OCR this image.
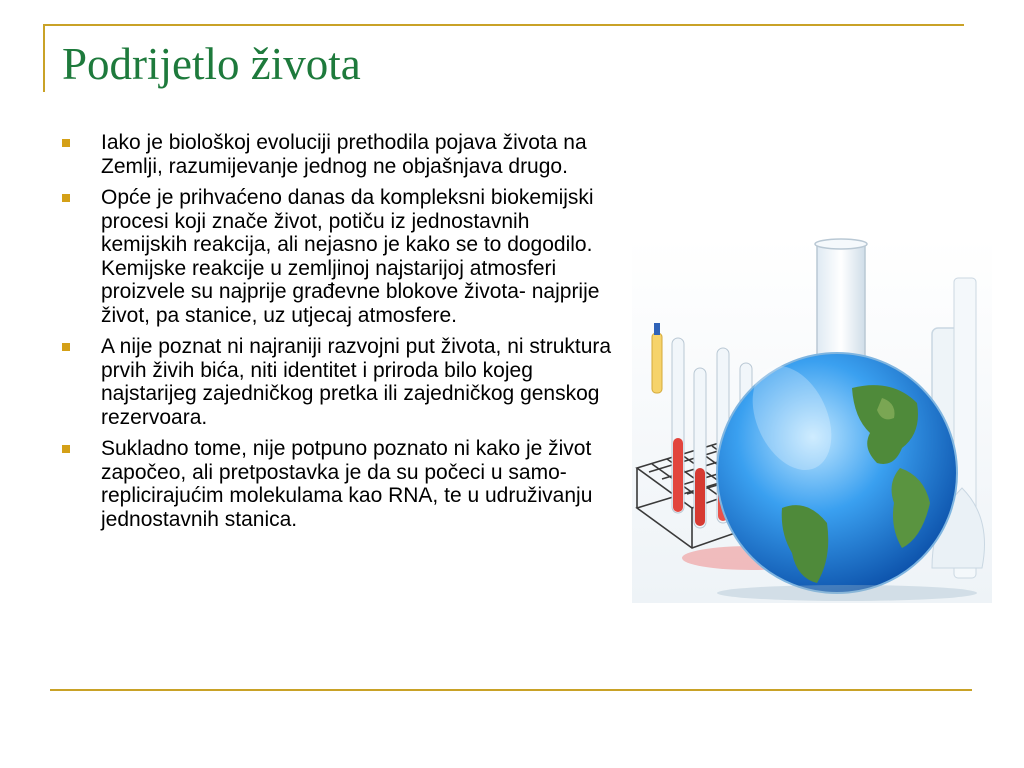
Podrijetlo života
Iako je biološkoj evoluciji prethodila pojava života na Zemlji, razumijevanje jednog ne objašnjava drugo.
Opće je prihvaćeno danas da kompleksni biokemijski procesi koji znače život, potiču iz jednostavnih kemijskih reakcija, ali nejasno je kako se to dogodilo. Kemijske reakcije u zemljinoj najstarijoj atmosferi proizvele su najprije građevne blokove života- najprije život, pa stanice, uz utjecaj atmosfere.
A nije poznat ni najraniji razvojni put života, ni struktura prvih živih bića, niti identitet i priroda bilo kojeg najstarijeg zajedničkog pretka ili zajedničkog genskog rezervoara.
Sukladno tome, nije potpuno poznato ni kako je život započeo, ali pretpostavka je da su počeci u samo-replicirajućim molekulama kao RNA, te u udruživanju jednostavnih stanica.
